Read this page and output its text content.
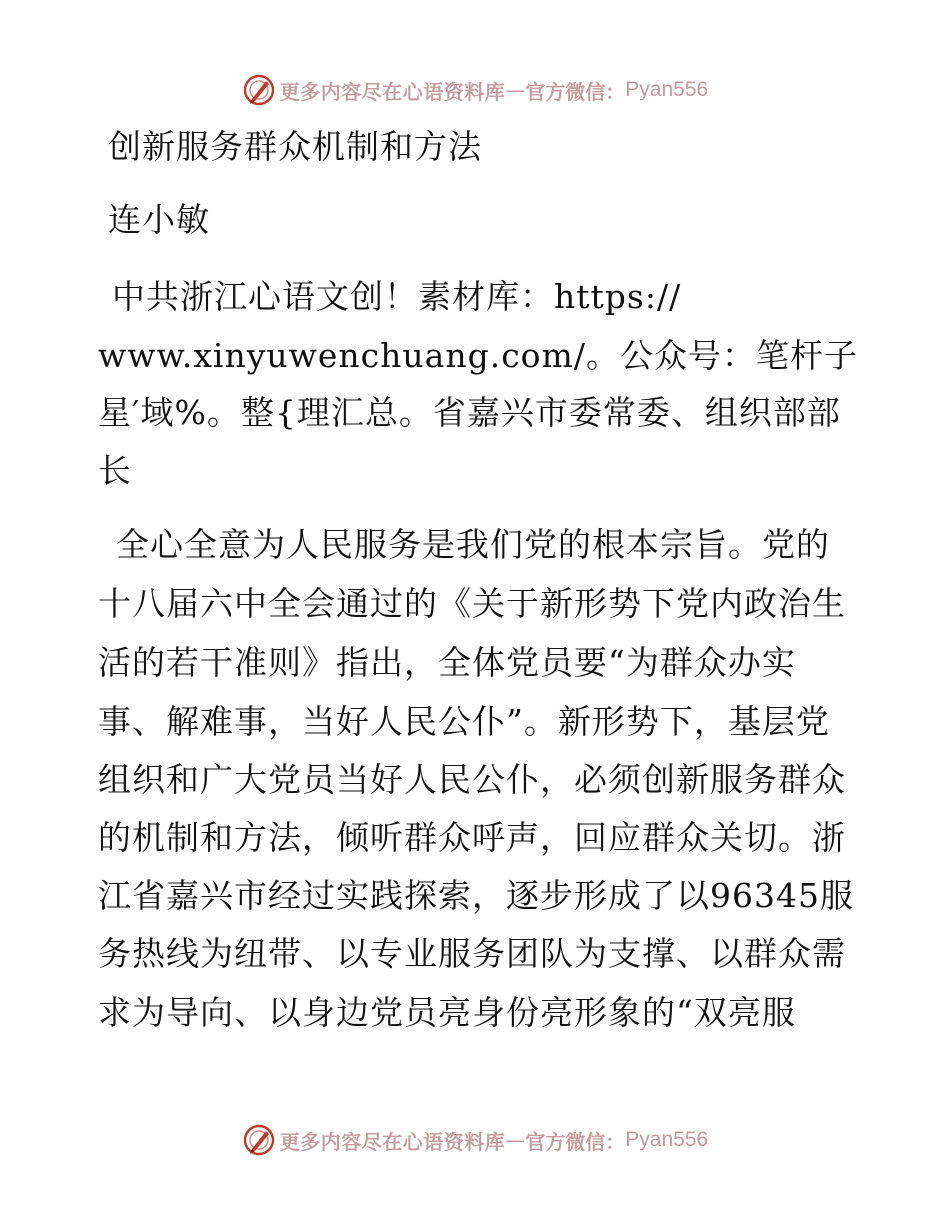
更多内容尽在心语资料库 — 官方微信： Pyan556
创新服务群众机制和方法
连小敏
中共浙江心语文创！素材库：https://
www.xinyuwenchuang.com/。公众号：笔杆子
星′域%。整{理汇总。省嘉兴市委常委、组织部部
长
全心全意为人民服务是我们党的根本宗旨。党的
十八届六中全会通过的《关于新形势下党内政治生
活的若干准则》指出，全体党员要“为群众办实
事、解难事，当好人民公仆”。新形势下，基层党
组织和广大党员当好人民公仆，必须创新服务群众
的机制和方法，倾听群众呼声，回应群众关切。浙
江省嘉兴市经过实践探索，逐步形成了以96345服
务热线为纽带、以专业服务团队为支撑、以群众需
求为导向、以身边党员亮身份亮形象的“双亮服
更多内容尽在心语资料库 — 官方微信： Pyan556
